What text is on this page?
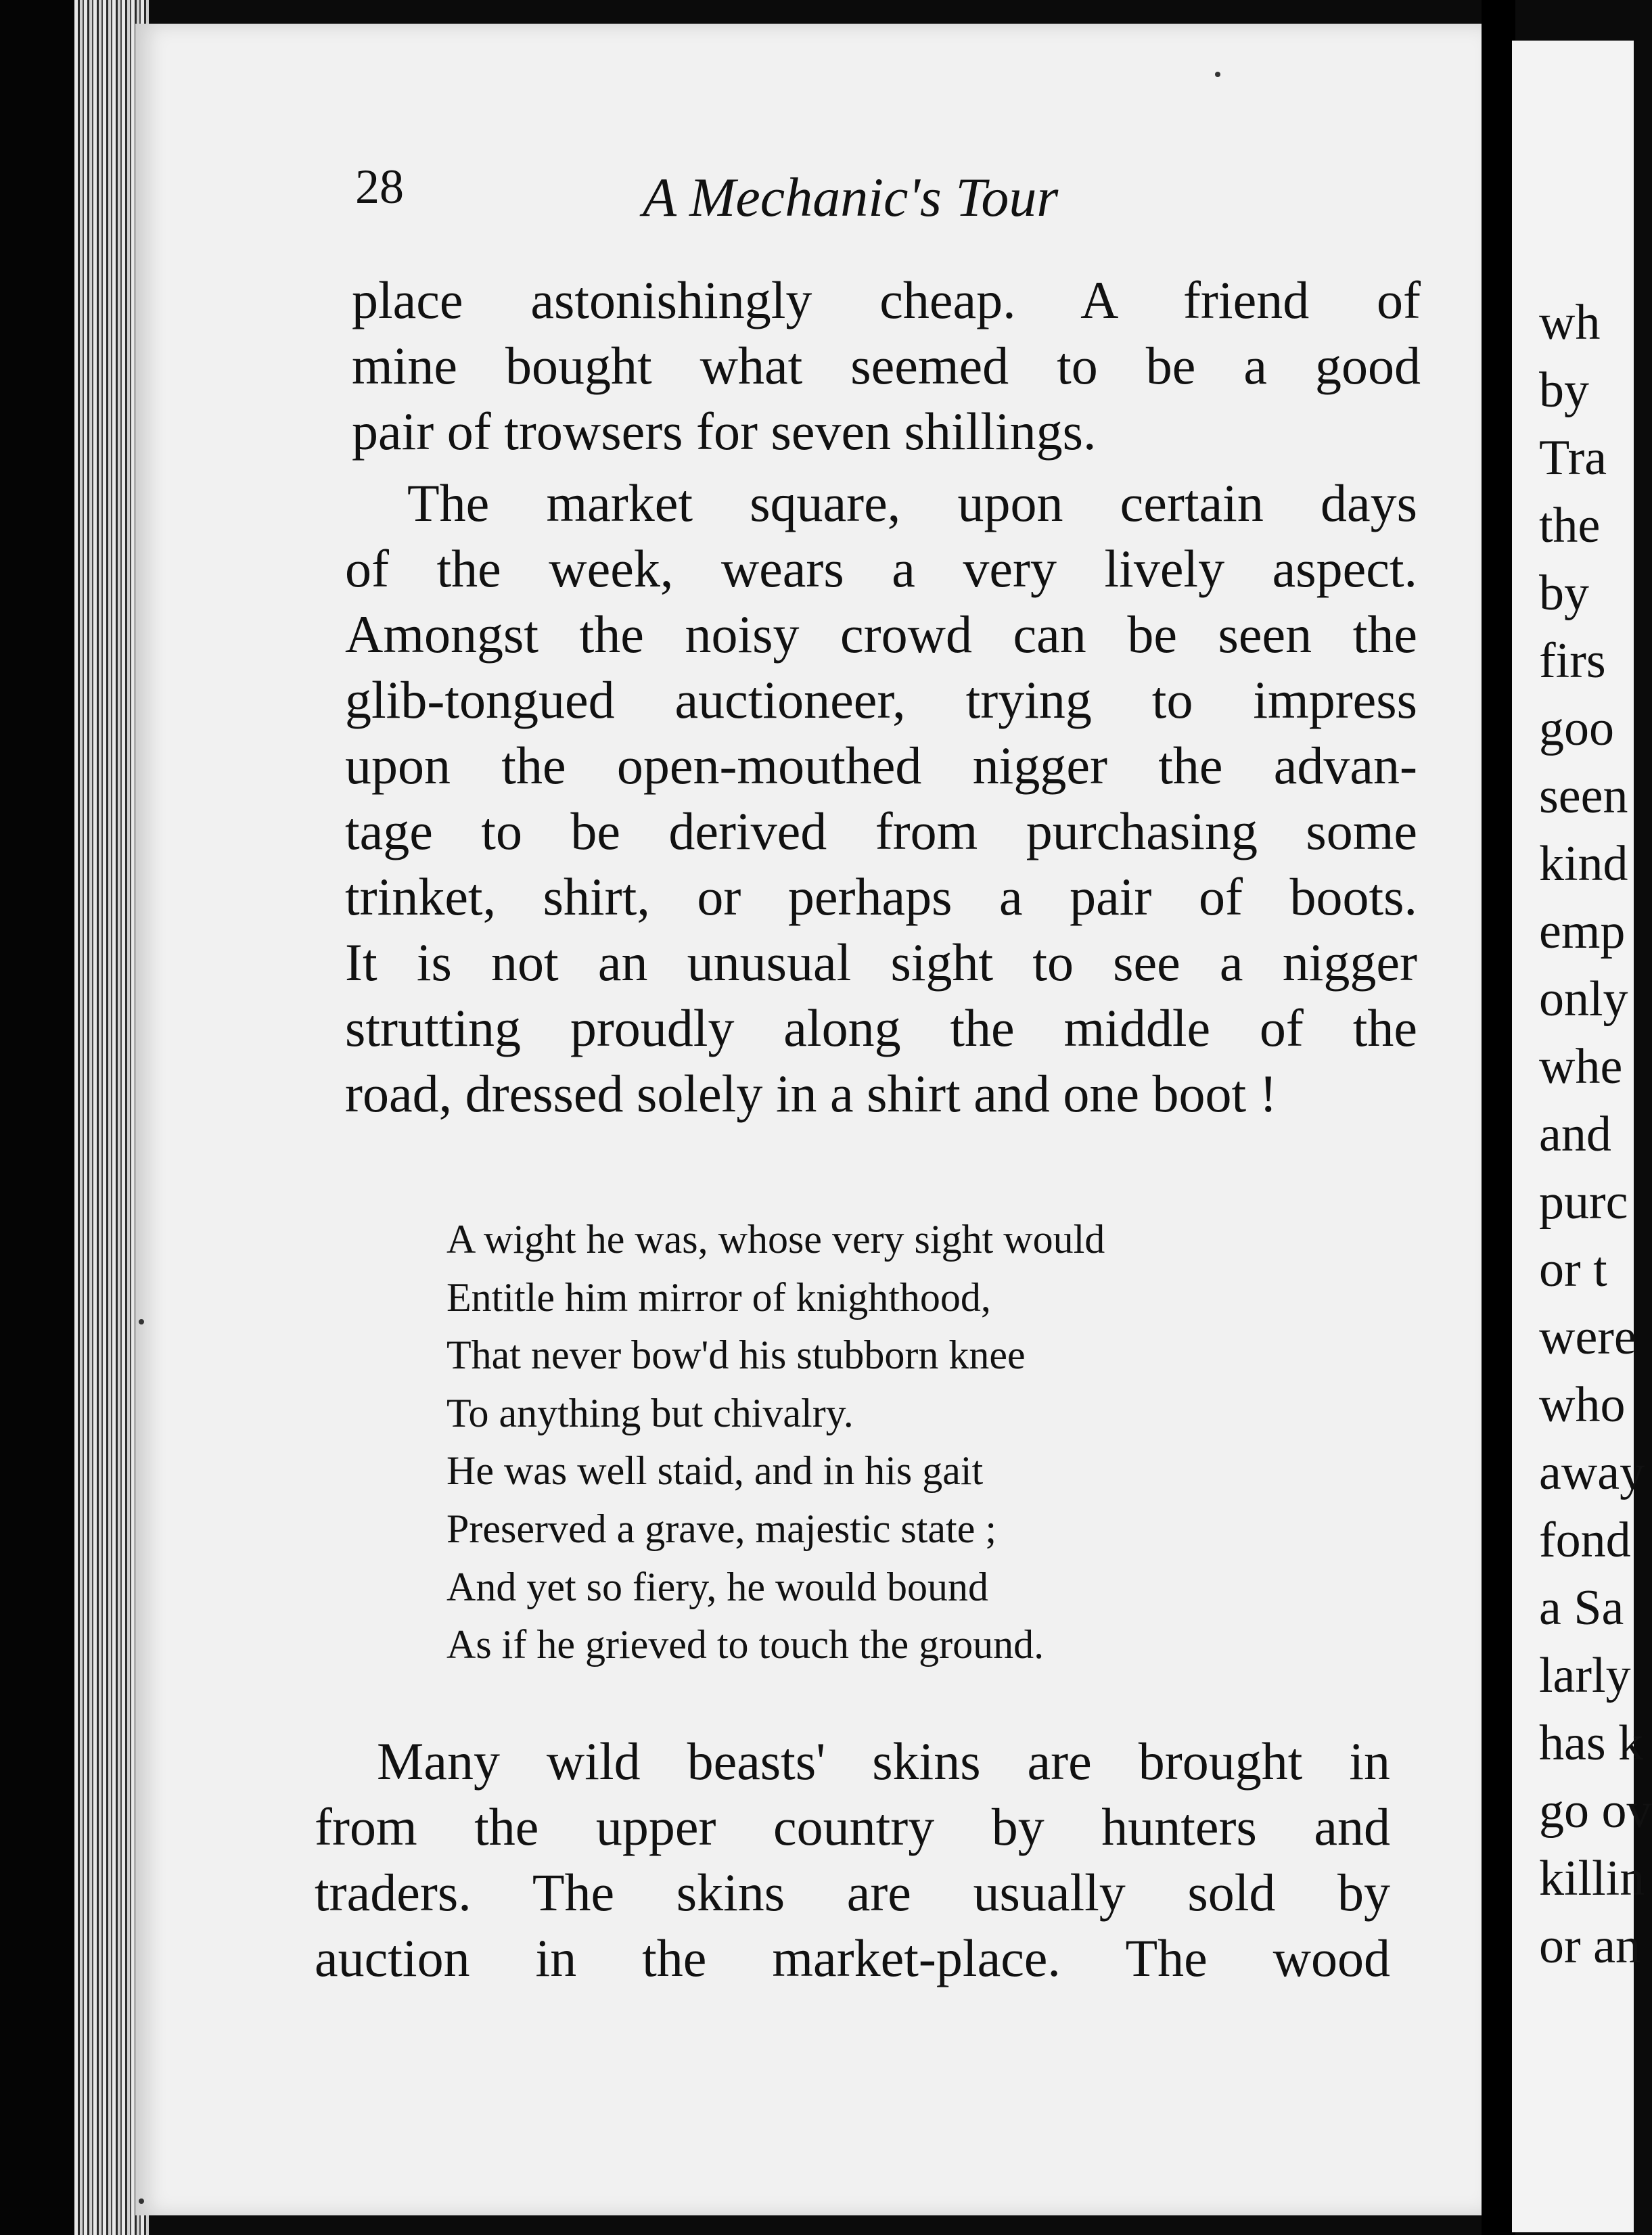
28	A Mechanic's Tour
place astonishingly cheap. A friend of
mine bought what seemed to be a good
pair of trowsers for seven shillings.
The market square, upon certain days
of the week, wears a very lively aspect.
Amongst the noisy crowd can be seen the
glib-tongued auctioneer, trying to impress
upon the open-mouthed nigger the advan-
tage to be derived from purchasing some
trinket, shirt, or perhaps a pair of boots.
It is not an unusual sight to see a nigger
strutting proudly along the middle of the
road, dressed solely in a shirt and one boot !
A wight he was, whose very sight would
Entitle him mirror of knighthood,
That never bow'd his stubborn knee
To anything but chivalry.
He was well staid, and in his gait
Preserved a grave, majestic state ;
And yet so fiery, he would bound
As if he grieved to touch the ground.
Many wild beasts' skins are brought in
from the upper country by hunters and
traders. The skins are usually sold by
auction in the market-place. The wood
wh
by
Tra
the
by
firs
goo
seen
kind
emp
only
whe
and
purc
or t
were
who
away
fond
a Sa
larly
has k
go ov
killin
or an
